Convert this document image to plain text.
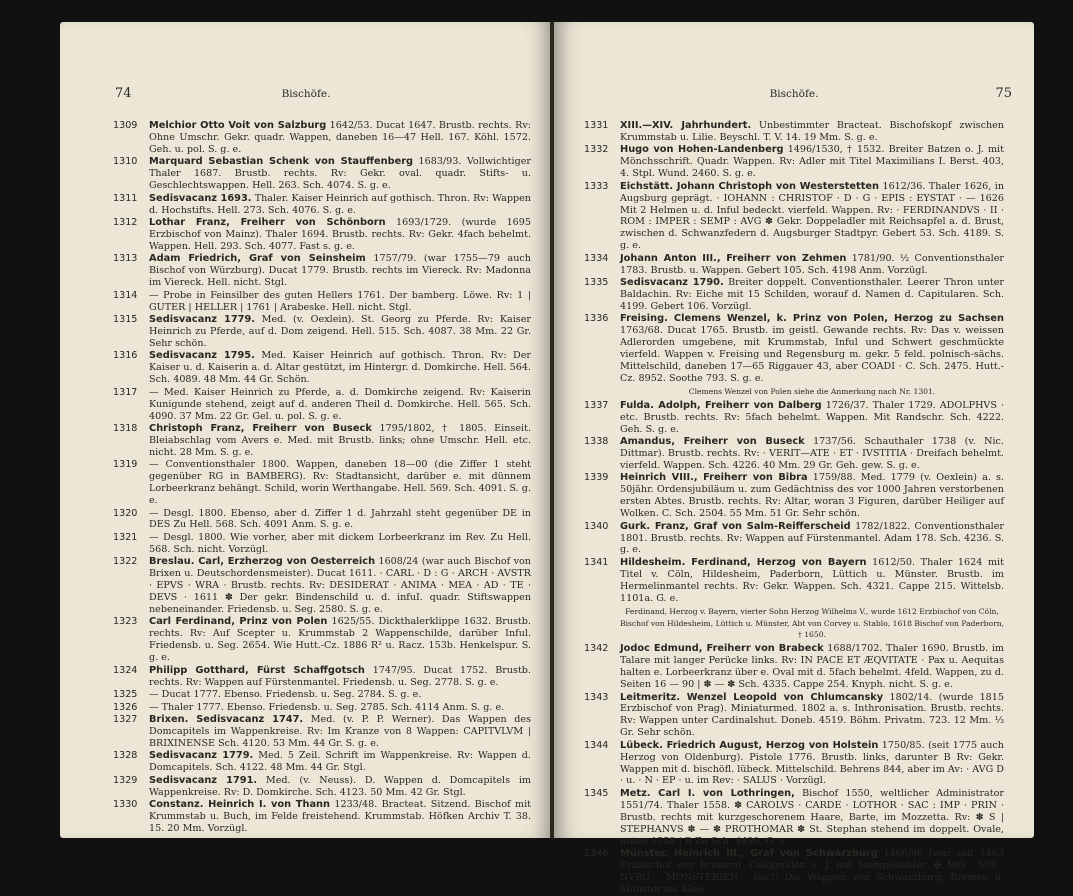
74	Bischöfe.
1309 Melchior Otto Voit von Salzburg 1642/53. Ducat 1647. Brustb. rechts. Rv: Ohne Umschr. Gekr. quadr. Wappen, daneben 16—47 Hell. 167. Köhl. 1572. Geh. u. pol. S. g. e.
1310 Marquard Sebastian Schenk von Stauffenberg 1683/93. Vollwichtiger Thaler 1687. Brustb. rechts. Rv: Gekr. oval. quadr. Stifts- u. Geschlechtswappen. Hell. 263. Sch. 4074. S. g. e.
1311 Sedisvacanz 1693. Thaler. Kaiser Heinrich auf gothisch. Thron. Rv: Wappen d. Hochstifts. Hell. 273. Sch. 4076. S. g. e.
1312 Lothar Franz, Freiherr von Schönborn 1693/1729. (wurde 1695 Erzbischof von Mainz). Thaler 1694. Brustb. rechts. Rv: Gekr. 4fach behelmt. Wappen. Hell. 293. Sch. 4077. Fast s. g. e.
1313 Adam Friedrich, Graf von Seinsheim 1757/79. (war 1755—79 auch Bischof von Würzburg). Ducat 1779. Brustb. rechts im Viereck. Rv: Madonna im Viereck. Hell. nicht. Stgl.
1314 — Probe in Feinsilber des guten Hellers 1761. Der bamberg. Löwe. Rv: 1 | GUTER | HELLER | 1761 | Arabeske. Hell. nicht. Stgl.
1315 Sedisvacanz 1779. Med. (v. Oexlein). St. Georg zu Pferde. Rv: Kaiser Heinrich zu Pferde, auf d. Dom zeigend. Hell. 515. Sch. 4087. 38 Mm. 22 Gr. Sehr schön.
1316 Sedisvacanz 1795. Med. Kaiser Heinrich auf gothisch. Thron. Rv: Der Kaiser u. d. Kaiserin a. d. Altar gestützt, im Hintergr. d. Domkirche. Hell. 564. Sch. 4089. 48 Mm. 44 Gr. Schön.
1317 — Med. Kaiser Heinrich zu Pferde, a. d. Domkirche zeigend. Rv: Kaiserin Kunigunde stehend, zeigt auf d. anderen Theil d. Domkirche. Hell. 565. Sch. 4090. 37 Mm. 22 Gr. Gel. u. pol. S. g. e.
1318 Christoph Franz, Freiherr von Buseck 1795/1802, † 1805. Einseit. Bleiabschlag vom Avers e. Med. mit Brustb. links; ohne Umschr. Hell. etc. nicht. 28 Mm. S. g. e.
1319 — Conventionsthaler 1800. Wappen, daneben 18—00 (die Ziffer 1 steht gegenüber RG in BAMBERG). Rv: Stadtansicht, darüber e. mit dünnem Lorbeerkranz behängt. Schild, worin Werthangabe. Hell. 569. Sch. 4091. S. g. e.
1320 — Desgl. 1800. Ebenso, aber d. Ziffer 1 d. Jahrzahl steht gegenüber DE in DES Zu Hell. 568. Sch. 4091 Anm. S. g. e.
1321 — Desgl. 1800. Wie vorher, aber mit dickem Lorbeerkranz im Rev. Zu Hell. 568. Sch. nicht. Vorzügl.
1322 Breslau. Carl, Erzherzog von Oesterreich 1608/24 (war auch Bischof von Brixen u. Deutschordensmeister). Ducat 1611. · CARL · D : G · ARCH · AVSTR · EPVS · WRA · Brustb. rechts. Rv: DESIDERAT · ANIMA · MEA · AD · TE · DEVS · 1611 ✽ Der gekr. Bindenschild u. d. infuI. quadr. Stiftswappen nebeneinander. Friedensb. u. Seg. 2580. S. g. e.
1323 Carl Ferdinand, Prinz von Polen 1625/55. Dickthalerklippe 1632. Brustb. rechts. Rv: Auf Scepter u. Krummstab 2 Wappenschilde, darüber Inful. Friedensb. u. Seg. 2654. Wie Hutt.-Cz. 1886 R² u. Racz. 153b. Henkelspur. S. g. e.
1324 Philipp Gotthard, Fürst Schaffgotsch 1747/95. Ducat 1752. Brustb. rechts. Rv: Wappen auf Fürstenmantel. Friedensb. u. Seg. 2778. S. g. e.
1325 — Ducat 1777. Ebenso. Friedensb. u. Seg. 2784. S. g. e.
1326 — Thaler 1777. Ebenso. Friedensb. u. Seg. 2785. Sch. 4114 Anm. S. g. e.
1327 Brixen. Sedisvacanz 1747. Med. (v. P. P. Werner). Das Wappen des Domcapitels im Wappenkreise. Rv: Im Kranze von 8 Wappen: CAPITVLVM | BRIXINENSE Sch. 4120. 53 Mm. 44 Gr. S. g. e.
1328 Sedisvacanz 1779. Med. 5 Zeil. Schrift im Wappenkreise. Rv: Wappen d. Domcapitels. Sch. 4122. 48 Mm. 44 Gr. Stgl.
1329 Sedisvacanz 1791. Med. (v. Neuss). D. Wappen d. Domcapitels im Wappenkreise. Rv: D. Domkirche. Sch. 4123. 50 Mm. 42 Gr. Stgl.
1330 Constanz. Heinrich I. von Thann 1233/48. Bracteat. Sitzend. Bischof mit Krummstab u. Buch, im Felde freistehend. Krummstab. Höfken Archiv T. 38. 15. 20 Mm. Vorzügl.
Bischöfe.	75
1331 XIII.—XIV. Jahrhundert. Unbestimmter Bracteat. Bischofskopf zwischen Krummstab u. Lilie. Beyschl. T. V. 14. 19 Mm. S. g. e.
1332 Hugo von Hohen-Landenberg 1496/1530, † 1532. Breiter Batzen o. J. mit Mönchsschrift. Quadr. Wappen. Rv: Adler mit Titel Maximilians I. Berst. 403, 4. Stpl. Wund. 2460. S. g. e.
1333 Eichstätt. Johann Christoph von Westerstetten 1612/36. Thaler 1626, in Augsburg geprägt. · IOHANN : CHRISTOF · D · G · EPIS : EYSTAT · — 1626 Mit 2 Helmen u. d. Inful bedeckt. vierfeld. Wappen. Rv: · FERDINANDVS · II · ROM : IMPER : SEMP : AVG ✽ Gekr. Doppeladler mit Reichsapfel a. d. Brust, zwischen d. Schwanzfedern d. Augsburger Stadtpyr. Gebert 53. Sch. 4189. S. g. e.
1334 Johann Anton III., Freiherr von Zehmen 1781/90. ½ Conventionsthaler 1783. Brustb. u. Wappen. Gebert 105. Sch. 4198 Anm. Vorzügl.
1335 Sedisvacanz 1790. Breiter doppelt. Conventionsthaler. Leerer Thron unter Baldachin. Rv: Eiche mit 15 Schilden, worauf d. Namen d. Capitularen. Sch. 4199. Gebert 106. Vorzügl.
1336 Freising. Clemens Wenzel, k. Prinz von Polen, Herzog zu Sachsen 1763/68. Ducat 1765. Brustb. im geistl. Gewande rechts. Rv: Das v. weissen Adlerorden umgebene, mit Krummstab, Inful und Schwert geschmückte vierfeld. Wappen v. Freising und Regensburg m. gekr. 5 feld. polnisch-sächs. Mittelschild, daneben 17—65 Riggauer 43, aber COADI · C. Sch. 2475. Hutt.-Cz. 8952. Soothe 793. S. g. e.
Clemens Wenzel von Polen siehe die Anmerkung nach Nr. 1301.
1337 Fulda. Adolph, Freiherr von Dalberg 1726/37. Thaler 1729. ADOLPHVS · etc. Brustb. rechts. Rv: 5fach behelmt. Wappen. Mit Randschr. Sch. 4222. Geh. S. g. e.
1338 Amandus, Freiherr von Buseck 1737/56. Schauthaler 1738 (v. Nic. Dittmar). Brustb. rechts. Rv: · VERIT—ATE · ET · IVSTITIA · Dreifach behelmt. vierfeld. Wappen. Sch. 4226. 40 Mm. 29 Gr. Geh. gew. S. g. e.
1339 Heinrich VIII., Freiherr von Bibra 1759/88. Med. 1779 (v. Oexlein) a. s. 50jähr. Ordensjubiläum u. zum Gedächtniss des vor 1000 Jahren verstorbenen ersten Abtes. Brustb. rechts. Rv: Altar, woran 3 Figuren, darüber Heiliger auf Wolken. C. Sch. 2504. 55 Mm. 51 Gr. Sehr schön.
1340 Gurk. Franz, Graf von Salm-Reifferscheid 1782/1822. Conventionsthaler 1801. Brustb. rechts. Rv: Wappen auf Fürstenmantel. Adam 178. Sch. 4236. S. g. e.
1341 Hildesheim. Ferdinand, Herzog von Bayern 1612/50. Thaler 1624 mit Titel v. Cöln, Hildesheim, Paderborn, Lüttich u. Münster. Brustb. im Hermelinmantel rechts. Rv: Gekr. Wappen. Sch. 4321. Cappe 215. Wittelsb. 1101a. G. e.
Ferdinand, Herzog v. Bayern, vierter Sohn Herzog Wilhelms V., wurde 1612 Erzbischof von Cöln, Bischof von Hildesheim, Lüttich u. Münster, Abt von Corvey u. Stablo, 1618 Bischof von Paderborn, † 1650.
1342 Jodoc Edmund, Freiherr von Brabeck 1688/1702. Thaler 1690. Brustb. im Talare mit langer Perücke links. Rv: IN PACE ET ÆQVITATE · Pax u. Aequitas halten e. Lorbeerkranz über e. Oval mit d. 5fach behelmt. 4feld. Wappen, zu d. Seiten 16 — 90 | ✽ — ✽ Sch. 4335. Cappe 254. Knyph. nicht. S. g. e.
1343 Leitmeritz. Wenzel Leopold von Chlumcansky 1802/14. (wurde 1815 Erzbischof von Prag). Miniaturmed. 1802 a. s. Inthronisation. Brustb. rechts. Rv: Wappen unter Cardinalshut. Doneb. 4519. Böhm. Privatm. 723. 12 Mm. ⅓ Gr. Sehr schön.
1344 Lübeck. Friedrich August, Herzog von Holstein 1750/85. (seit 1775 auch Herzog von Oldenburg). Pistole 1776. Brustb. links, darunter B Rv: Gekr. Wappen mit d. bischöfl. lübeck. Mittelschild. Behrens 844, aber im Av: · AVG D · u. · N · EP · u. im Rev: · SALUS · Vorzügl.
1345 Metz. Carl I. von Lothringen, Bischof 1550, weltlicher Administrator 1551/74. Thaler 1558. ✽ CAROLVS · CARDE · LOTHOR · SAC : IMP · PRIN · Brustb. rechts mit kurzgeschorenem Haare, Barte, im Mozzetta. Rv: ✽ S | STEPHANVS ✽ — ✽ PROTHOMAR ✽ St. Stephan stehend im doppelt. Ovale, unten 1558 | B Zu Sch. 4499. G. e.
1346 Münster. Heinrich III., Graf von Schwarzburg 1466/96 (war seit 1463 Erzbischof von Bremen). Goldgulden o. J. mit Stempelfehler. ✠ MO · MO · NVRG · MONSTERIEN · (sic!) Die Wappen von Schwarzburg, Bremen u. Münster ins Klee-
